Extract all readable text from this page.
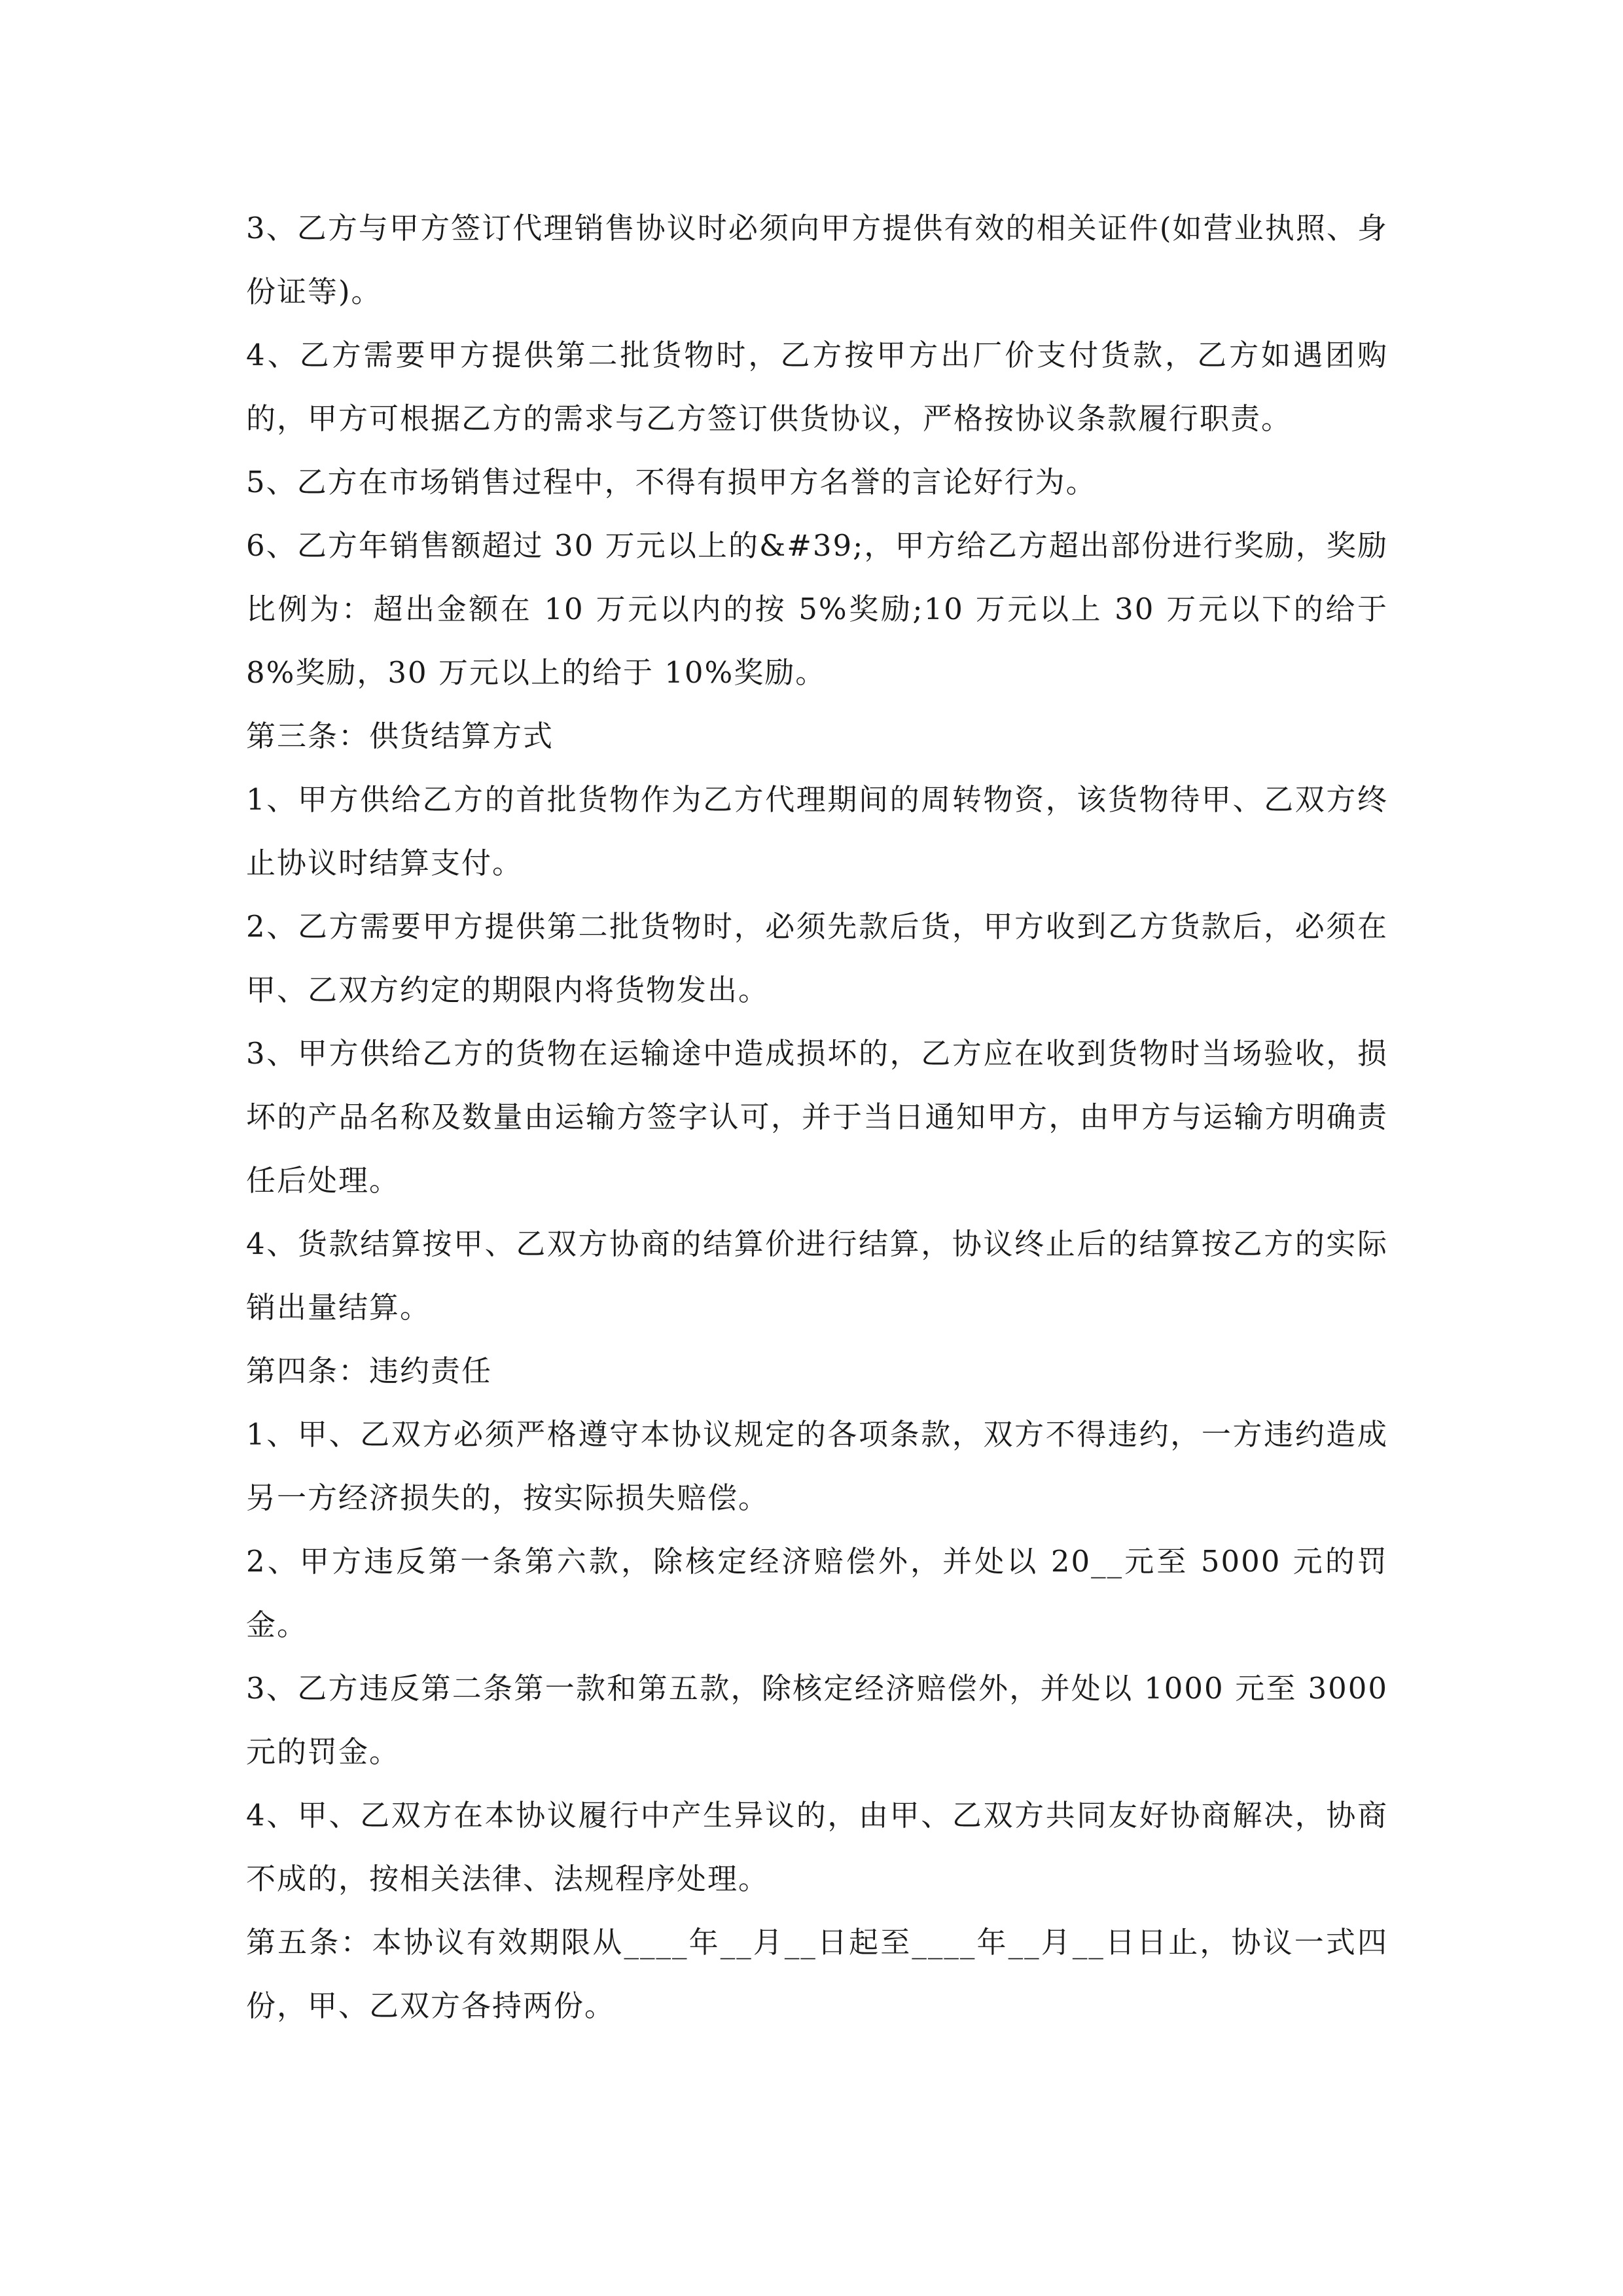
3、乙方与甲方签订代理销售协议时必须向甲方提供有效的相关证件(如营业执照、身份证等)。

4、乙方需要甲方提供第二批货物时，乙方按甲方出厂价支付货款，乙方如遇团购的，甲方可根据乙方的需求与乙方签订供货协议，严格按协议条款履行职责。

5、乙方在市场销售过程中，不得有损甲方名誉的言论好行为。

6、乙方年销售额超过 30 万元以上的&#39;，甲方给乙方超出部份进行奖励，奖励比例为：超出金额在 10 万元以内的按 5%奖励;10 万元以上 30 万元以下的给于 8%奖励，30 万元以上的给于 10%奖励。

第三条：供货结算方式

1、甲方供给乙方的首批货物作为乙方代理期间的周转物资，该货物待甲、乙双方终止协议时结算支付。

2、乙方需要甲方提供第二批货物时，必须先款后货，甲方收到乙方货款后，必须在甲、乙双方约定的期限内将货物发出。

3、甲方供给乙方的货物在运输途中造成损坏的，乙方应在收到货物时当场验收，损坏的产品名称及数量由运输方签字认可，并于当日通知甲方，由甲方与运输方明确责任后处理。

4、货款结算按甲、乙双方协商的结算价进行结算，协议终止后的结算按乙方的实际销出量结算。

第四条：违约责任

1、甲、乙双方必须严格遵守本协议规定的各项条款，双方不得违约，一方违约造成另一方经济损失的，按实际损失赔偿。

2、甲方违反第一条第六款，除核定经济赔偿外，并处以 20__元至 5000 元的罚金。

3、乙方违反第二条第一款和第五款，除核定经济赔偿外，并处以 1000 元至 3000 元的罚金。

4、甲、乙双方在本协议履行中产生异议的，由甲、乙双方共同友好协商解决，协商不成的，按相关法律、法规程序处理。

第五条：本协议有效期限从____年__月__日起至____年__月__日日止，协议一式四份，甲、乙双方各持两份。
